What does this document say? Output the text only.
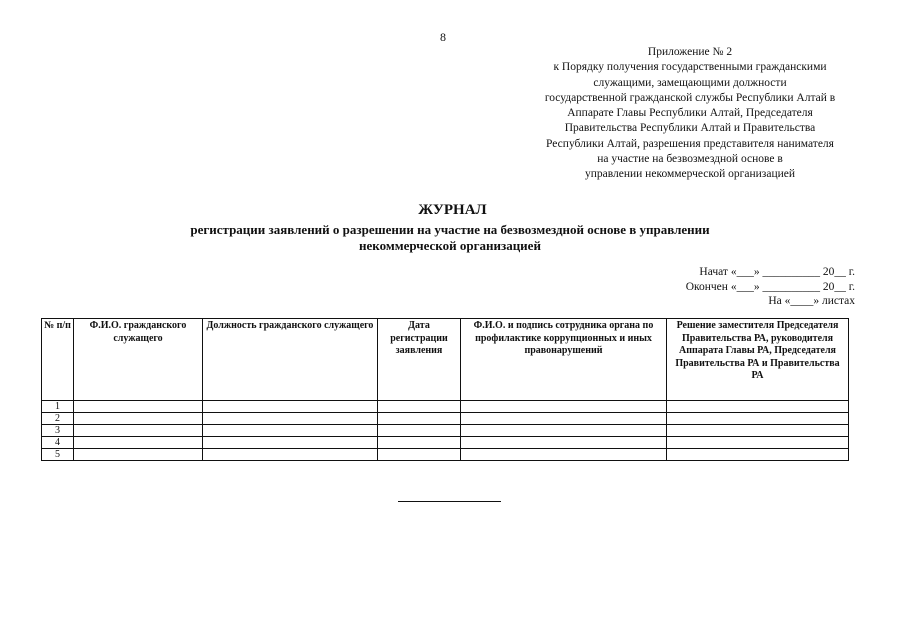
8
Приложение № 2
к Порядку получения государственными гражданскими
служащими, замещающими должности
государственной гражданской службы Республики Алтай в
Аппарате Главы Республики Алтай, Председателя
Правительства Республики Алтай и Правительства
Республики Алтай, разрешения представителя нанимателя
на участие на безвозмездной основе в
управлении некоммерческой организацией
ЖУРНАЛ
регистрации заявлений о разрешении на участие на безвозмездной основе в управлении
некоммерческой организацией
Начат «___» __________ 20__ г.
Окончен «___» __________ 20__ г.
На «____» листах
№ п/п	Ф.И.О. гражданского служащего	Должность гражданского служащего	Дата регистрации заявления	Ф.И.О. и подпись сотрудника органа по профилактике коррупционных и иных правонарушений	Решение заместителя Председателя Правительства РА, руководителя Аппарата Главы РА, Председателя Правительства РА и Правительства РА
1					
2					
3					
4					
5					
